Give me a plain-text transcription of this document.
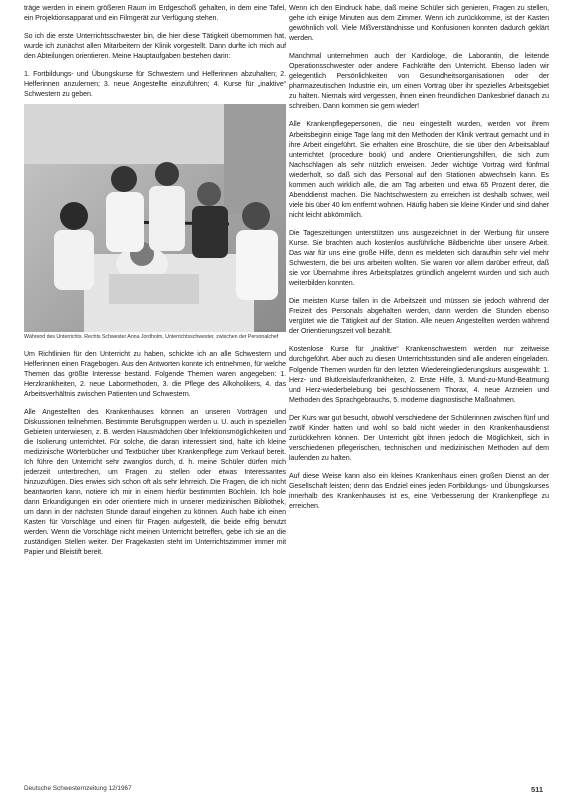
träge werden in einem größeren Raum im Erdgeschoß gehalten, in dem eine Tafel, ein Projektionsapparat und ein Filmgerät zur Verfügung stehen.

So ich die erste Unterrichtsschwester bin, die hier diese Tätigkeit übernommen hat, wurde ich zunächst allen Mitarbeitern der Klinik vorgestellt. Dann durfte ich mich auf den Abteilungen orientieren. Meine Hauptaufgaben bestehen darin:

1. Fortbildungs- und Übungskurse für Schwestern und Helferinnen abzuhalten; 2. Helferinnen anzulernen; 3. neue Angestellte einzuführen; 4. Kurse für „inaktive“ Schwestern zu geben.

Während des Unterrichts. Rechts Schwester Anna Jordholm, Unterrichtsschwester, zwischen der Personalchef

Um Richtlinien für den Unterricht zu haben, schickte ich an alle Schwestern und Helferinnen einen Fragebogen. Aus den Antworten konnte ich entnehmen, für welche Themen das größte Interesse bestand. Folgende Themen waren angegeben: 1. Herzkrankheiten, 2. neue Labormethoden, 3. die Pflege des Alkoholikers, 4. das Arbeitsverhältnis zwischen Patienten und Schwestern.

Alle Angestellten des Krankenhauses können an unseren Vorträgen und Diskussionen teilnehmen. Bestimmte Berufsgruppen werden u. U. auch in speziellen Gebieten unterwiesen, z. B. werden Hausmädchen über Infektionsmöglichkeiten und die Isolierung unterrichtet. Für solche, die daran interessiert sind, halte ich kleine medizinische Wörterbücher und Textbücher über Krankenpflege zum Verkauf bereit. Ich führe den Unterricht sehr zwanglos durch, d. h. meine Schüler dürfen mich jederzeit unterbrechen, um Fragen zu stellen oder etwas Interessantes hinzuzufügen. Dies erwies sich schon oft als sehr lehrreich. Die Fragen, die ich nicht beantworten kann, notiere ich mir in einem hierfür bestimmten Büchlein. Ich hole dann Erkundigungen ein oder orientiere mich in unserer medizinischen Bibliothek, um dann in der nächsten Stunde darauf eingehen zu können. Auch habe ich einen Kasten für Vorschläge und einen für Fragen aufgestellt, die beide eifrig benutzt werden. Wenn die Vorschläge nicht meinen Unterricht betreffen, gebe ich sie an die zuständigen Stellen weiter. Der Fragekasten steht im Unterrichtszimmer immer mit Papier und Bleistift bereit.

Wenn ich den Eindruck habe, daß meine Schüler sich genieren, Fragen zu stellen, gehe ich einige Minuten aus dem Zimmer. Wenn ich zurückkomme, ist der Kasten gewöhnlich voll. Viele Mißverständnisse und Konfusionen konnten dadurch geklärt werden.

Manchmal unternehmen auch der Kardiologe, die Laborantin, die leitende Operationsschwester oder andere Fachkräfte den Unterricht. Ebenso laden wir gelegentlich Persönlichkeiten von Gesundheitsorganisationen oder der pharmazeutischen Industrie ein, um einen Vortrag über ihr spezielles Arbeitsgebiet zu halten. Niemals wird vergessen, ihnen einen freundlichen Dankesbrief danach zu schreiben. Dann kommen sie gern wieder!

Alle Krankenpflegepersonen, die neu eingestellt wurden, werden vor ihrem Arbeitsbeginn einige Tage lang mit den Methoden der Klinik vertraut gemacht und in ihre Arbeit eingeführt. Sie erhalten eine Broschüre, die sie über den Arbeitsablauf unterrichtet (procedure book) und andere Orientierungshilfen, die sich zum Nachschlagen als sehr nützlich erweisen. Jeder wichtige Vortrag wird fünfmal wiederholt, so daß sich das Personal auf den Stationen abwechseln kann. Es kommen auch wirklich alle, die am Tag arbeiten und etwa 65 Prozent derer, die Abenddienst machen. Die Nachtschwestern zu erreichen ist deshalb schwer, weil viele bis über 40 km entfernt wohnen. Häufig haben sie kleine Kinder und sind daher nicht leicht abkömmlich.

Die Tageszeitungen unterstützen uns ausgezeichnet in der Werbung für unsere Kurse. Sie brachten auch kostenlos ausführliche Bildberichte über unsere Arbeit. Das war für uns eine große Hilfe, denn es meldeten sich daraufhin sehr viel mehr Schwestern, die bei uns arbeiten wollten. Sie waren vor allem darüber erfreut, daß sie vor Übernahme ihres Arbeitsplatzes gründlich angelernt wurden und sich auch weiterbilden konnten.

Die meisten Kurse fallen in die Arbeitszeit und müssen sie jedoch während der Freizeit des Personals abgehalten werden, dann werden die Stunden ebenso vergütet wie die Tätigkeit auf der Station. Alle neuen Angestellten werden während der Orientierungszeit voll bezahlt.

Kostenlose Kurse für „inaktive“ Krankenschwestern werden nur zeitweise durchgeführt. Aber auch zu diesen Unterrichtsstunden sind alle anderen eingeladen. Folgende Themen wurden für den letzten Wiedereingliederungskurs ausgewählt: 1. Herz- und Blutkreislauferkrankheiten, 2. Erste Hilfe, 3. Mund-zu-Mund-Beatmung und Herz-wiederbelebung bei geschlossenem Thorax, 4. neue Arzneien und Methoden des Sprachgebrauchs, 5. moderne diagnostische Maßnahmen.

Der Kurs war gut besucht, obwohl verschiedene der Schülerinnen zwischen fünf und zwölf Kinder hatten und wohl so bald nicht wieder in den Krankenhausdienst zurückkehren können. Der Unterricht gibt ihnen jedoch die Möglichkeit, sich in verschiedenen pflegerischen, technischen und medizinischen Methoden auf dem laufenden zu halten.

Auf diese Weise kann also ein kleines Krankenhaus einen großen Dienst an der Gesellschaft leisten; denn das Endziel eines jeden Fortbildungs- und Übungskurses innerhalb des Krankenhauses ist es, eine Verbesserung der Krankenpflege zu erreichen.

Deutsche Schwesternzeitung 12/1967	511
